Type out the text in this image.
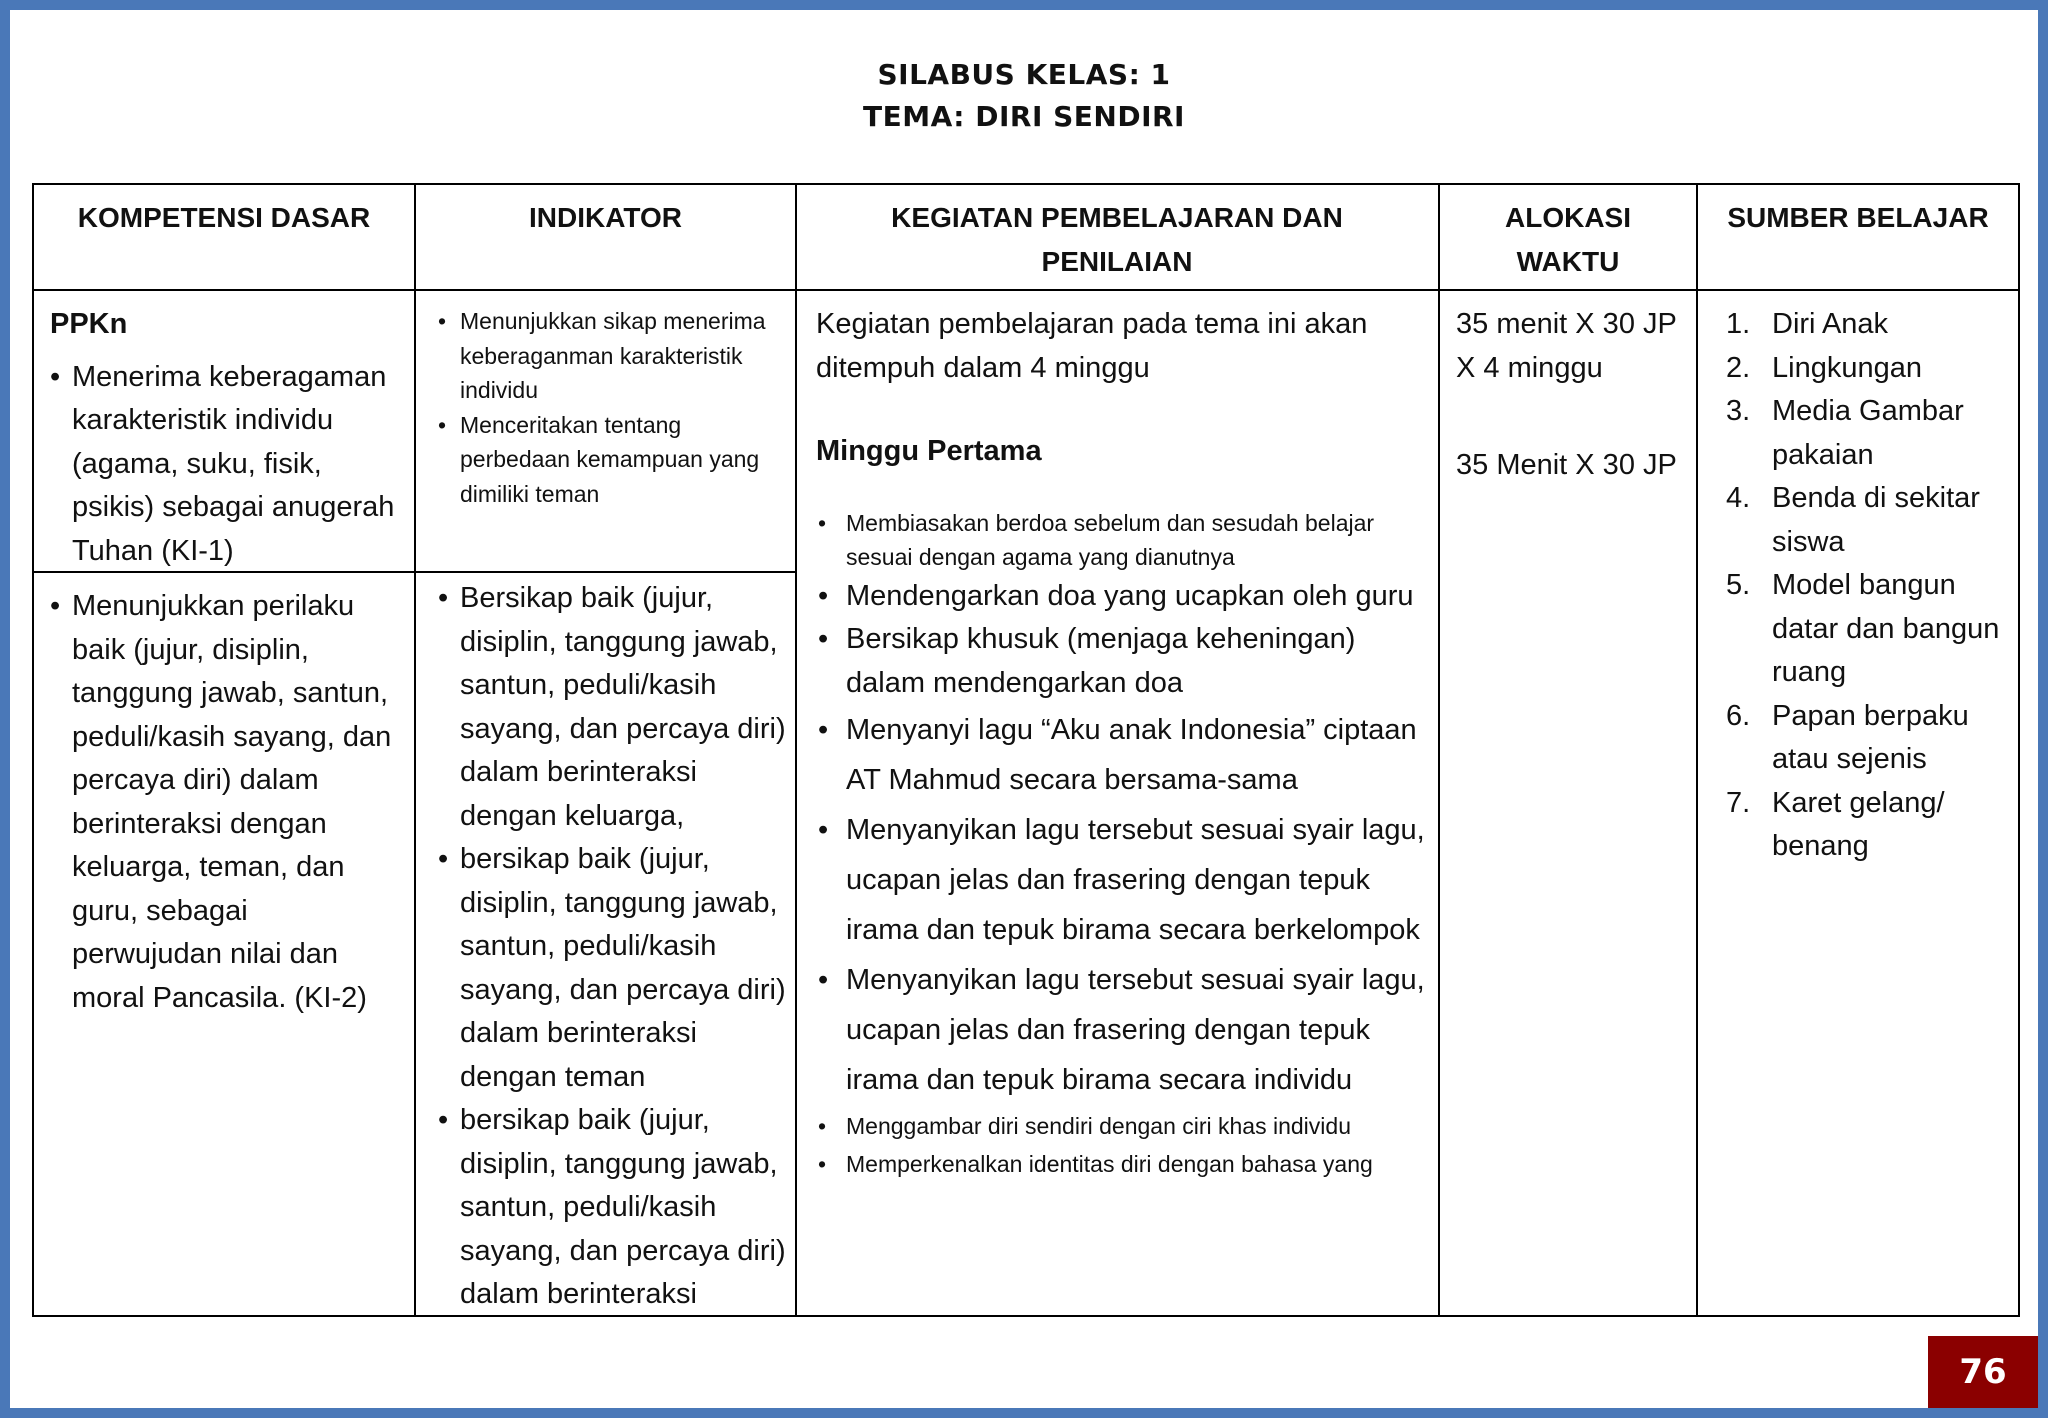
SILABUS KELAS: 1
TEMA: DIRI SENDIRI
KOMPETENSI DASAR	INDIKATOR	KEGIATAN PEMBELAJARAN DAN PENILAIAN
ALOKASI WAKTU
SUMBER BELAJAR
PPKn
• Menerima keberagaman karakteristik individu (agama, suku, fisik, psikis) sebagai anugerah Tuhan (KI-1)
• Menunjukkan perilaku baik (jujur, disiplin, tanggung jawab, santun, peduli/kasih sayang, dan percaya diri) dalam berinteraksi dengan keluarga, teman, dan guru, sebagai perwujudan nilai dan moral Pancasila. (KI-2)
• Menunjukkan sikap menerima keberaganman karakteristik individu
• Menceritakan tentang perbedaan kemampuan yang dimiliki teman
• Bersikap baik (jujur, disiplin, tanggung jawab, santun, peduli/kasih sayang, dan percaya diri) dalam berinteraksi dengan keluarga,
• bersikap baik (jujur, disiplin, tanggung jawab, santun, peduli/kasih sayang, dan percaya diri) dalam berinteraksi dengan teman
• bersikap baik (jujur, disiplin, tanggung jawab, santun, peduli/kasih sayang, dan percaya diri) dalam berinteraksi
Kegiatan pembelajaran pada tema ini akan ditempuh dalam 4 minggu
Minggu Pertama
• Membiasakan berdoa sebelum dan sesudah belajar sesuai dengan agama yang dianutnya
• Mendengarkan doa yang ucapkan oleh guru
• Bersikap khusuk (menjaga keheningan) dalam mendengarkan doa
• Menyanyi lagu “Aku anak Indonesia” ciptaan AT Mahmud secara bersama-sama
• Menyanyikan lagu tersebut sesuai syair lagu, ucapan jelas dan frasering dengan tepuk irama dan tepuk birama secara berkelompok
• Menyanyikan lagu tersebut sesuai syair lagu, ucapan jelas dan frasering dengan tepuk irama dan tepuk birama secara individu
• Menggambar diri sendiri dengan ciri khas individu
• Memperkenalkan identitas diri dengan bahasa yang
35 menit X 30 JP X 4 minggu
35 Menit X 30 JP
1. Diri Anak
2. Lingkungan
3. Media Gambar pakaian
4. Benda di sekitar siswa
5. Model bangun datar dan bangun ruang
6. Papan berpaku atau sejenis
7. Karet gelang/ benang
76
